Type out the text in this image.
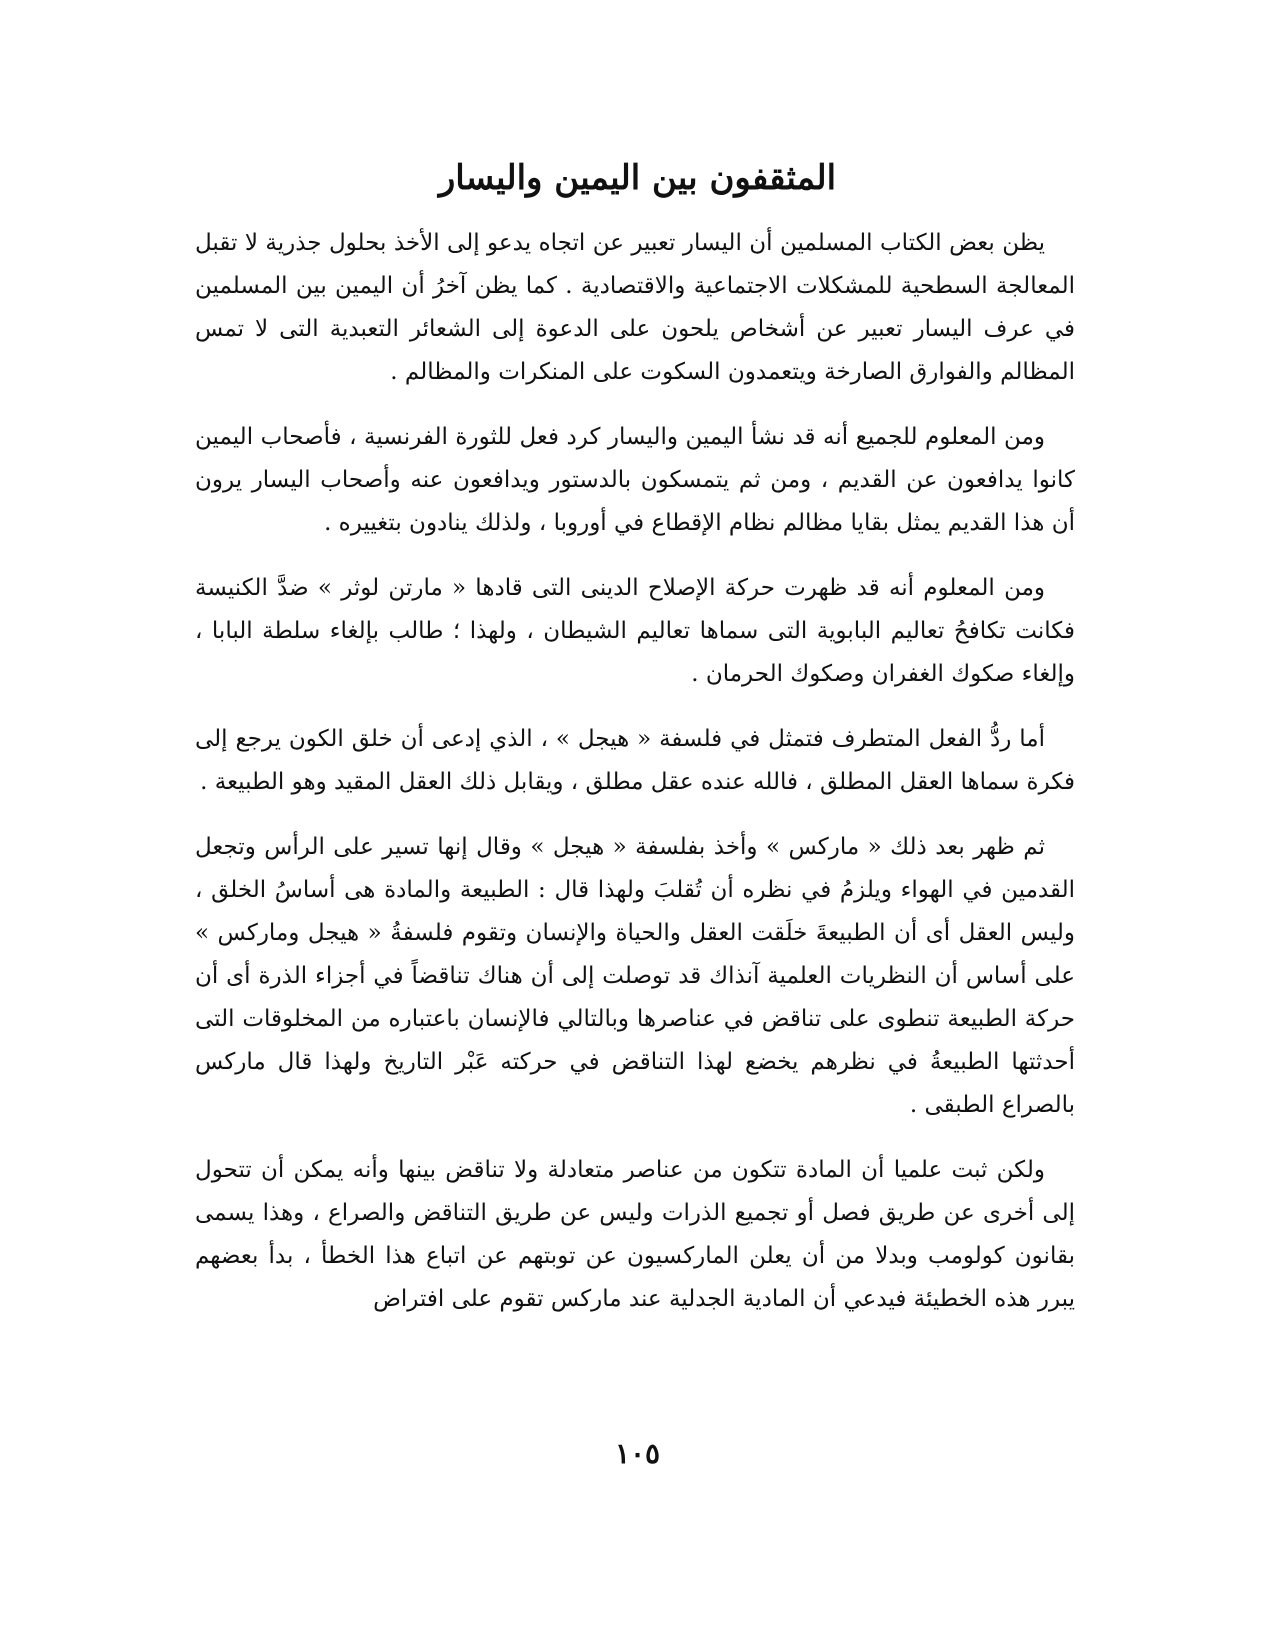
المثقفون بين اليمين واليسار

يظن بعض الكتاب المسلمين أن اليسار تعبير عن اتجاه يدعو إلى الأخذ بحلول جذرية لا تقبل المعالجة السطحية للمشكلات الاجتماعية والاقتصادية . كما يظن آخرُ أن اليمين بين المسلمين في عرف اليسار تعبير عن أشخاص يلحون على الدعوة إلى الشعائر التعبدية التى لا تمس المظالم والفوارق الصارخة ويتعمدون السكوت على المنكرات والمظالم .

ومن المعلوم للجميع أنه قد نشأ اليمين واليسار كرد فعل للثورة الفرنسية ، فأصحاب اليمين كانوا يدافعون عن القديم ، ومن ثم يتمسكون بالدستور ويدافعون عنه وأصحاب اليسار يرون أن هذا القديم يمثل بقايا مظالم نظام الإقطاع في أوروبا ، ولذلك ينادون بتغييره .

ومن المعلوم أنه قد ظهرت حركة الإصلاح الدينى التى قادها « مارتن لوثر » ضدَّ الكنيسة فكانت تكافحُ تعاليم البابوية التى سماها تعاليم الشيطان ، ولهذا ؛ طالب بإلغاء سلطة البابا ، وإلغاء صكوك الغفران وصكوك الحرمان .

أما ردُّ الفعل المتطرف فتمثل في فلسفة « هيجل » ، الذي إدعى أن خلق الكون يرجع إلى فكرة سماها العقل المطلق ، فالله عنده عقل مطلق ، ويقابل ذلك العقل المقيد وهو الطبيعة .

ثم ظهر بعد ذلك « ماركس » وأخذ بفلسفة « هيجل » وقال إنها تسير على الرأس وتجعل القدمين في الهواء ويلزمُ في نظره أن تُقلبَ ولهذا قال : الطبيعة والمادة هى أساسُ الخلق ، وليس العقل أى أن الطبيعةَ خلَقت العقل والحياة والإنسان وتقوم فلسفةُ « هيجل وماركس » على أساس أن النظريات العلمية آنذاك قد توصلت إلى أن هناك تناقضاً في أجزاء الذرة أى أن حركة الطبيعة تنطوى على تناقض في عناصرها وبالتالي فالإنسان باعتباره من المخلوقات التى أحدثتها الطبيعةُ في نظرهم يخضع لهذا التناقض في حركته عَبْر التاريخ ولهذا قال ماركس بالصراع الطبقى .

ولكن ثبت علميا أن المادة تتكون من عناصر متعادلة ولا تناقض بينها وأنه يمكن أن تتحول إلى أخرى عن طريق فصل أو تجميع الذرات وليس عن طريق التناقض والصراع ، وهذا يسمى بقانون كولومب وبدلا من أن يعلن الماركسيون عن توبتهم عن اتباع هذا الخطأ ، بدأ بعضهم يبرر هذه الخطيئة فيدعي أن المادية الجدلية عند ماركس تقوم على افتراض

١٠٥
